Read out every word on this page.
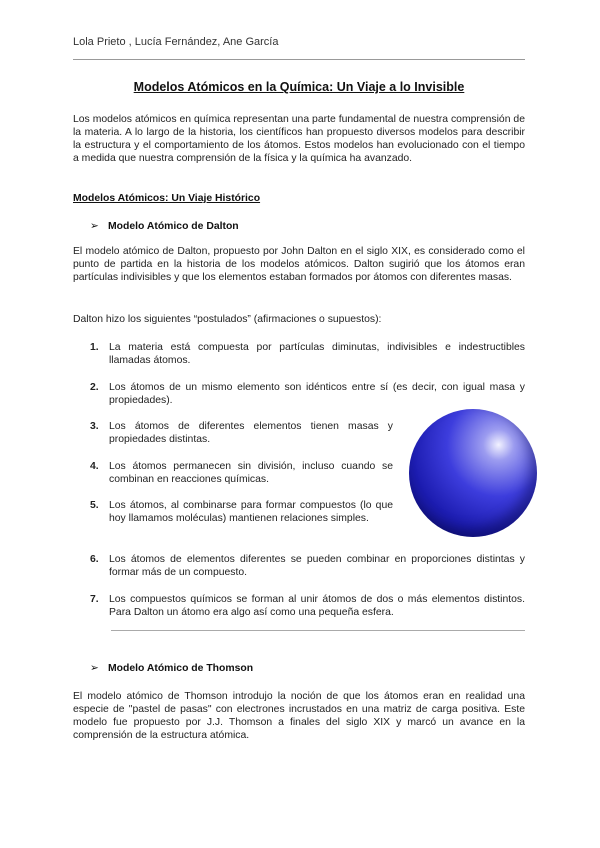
Lola Prieto , Lucía Fernández, Ane García
Modelos Atómicos en la Química: Un Viaje a lo Invisible
Los modelos atómicos en química representan una parte fundamental de nuestra comprensión de la materia. A lo largo de la historia, los científicos han propuesto diversos modelos para describir la estructura y el comportamiento de los átomos. Estos modelos han evolucionado con el tiempo a medida que nuestra comprensión de la física y la química ha avanzado.
Modelos Atómicos: Un Viaje Histórico
➢ Modelo Atómico de Dalton
El modelo atómico de Dalton, propuesto por John Dalton en el siglo XIX, es considerado como el punto de partida en la historia de los modelos atómicos. Dalton sugirió que los átomos eran partículas indivisibles y que los elementos estaban formados por átomos con diferentes masas.
Dalton hizo los siguientes “postulados” (afirmaciones o supuestos):
1. La materia está compuesta por partículas diminutas, indivisibles e indestructibles llamadas átomos.
2. Los átomos de un mismo elemento son idénticos entre sí (es decir, con igual masa y propiedades).
3. Los átomos de diferentes elementos tienen masas y propiedades distintas.
4. Los átomos permanecen sin división, incluso cuando se combinan en reacciones químicas.
5. Los átomos, al combinarse para formar compuestos (lo que hoy llamamos moléculas) mantienen relaciones simples.
6. Los átomos de elementos diferentes se pueden combinar en proporciones distintas y formar más de un compuesto.
7. Los compuestos químicos se forman al unir átomos de dos o más elementos distintos. Para Dalton un átomo era algo así como una pequeña esfera.
➢ Modelo Atómico de Thomson
El modelo atómico de Thomson introdujo la noción de que los átomos eran en realidad una especie de "pastel de pasas" con electrones incrustados en una matriz de carga positiva. Este modelo fue propuesto por J.J. Thomson a finales del siglo XIX y marcó un avance en la comprensión de la estructura atómica.
